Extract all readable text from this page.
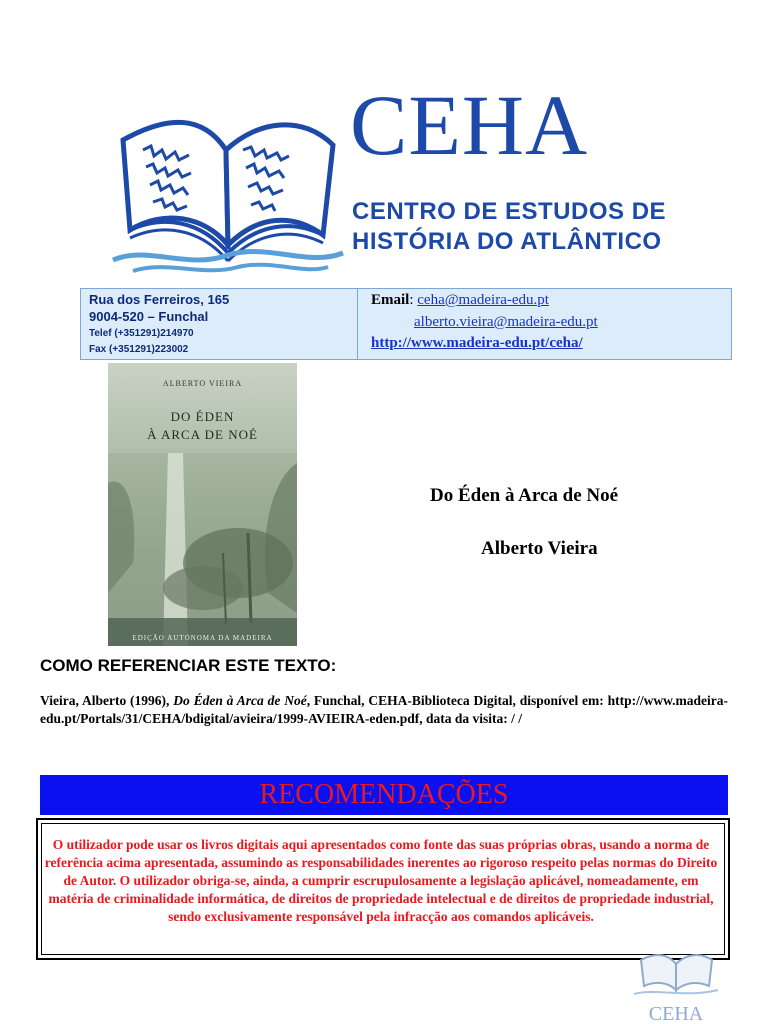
CEHA
CENTRO DE ESTUDOS DE
HISTÓRIA DO ATLÂNTICO
Rua dos Ferreiros, 165
9004-520 – Funchal
Telef (+351291)214970
Fax (+351291)223002
Email: ceha@madeira-edu.pt
alberto.vieira@madeira-edu.pt
http://www.madeira-edu.pt/ceha/
ALBERTO VIEIRA
DO ÉDEN
À ARCA DE NOÉ
EDIÇÃO AUTÓNOMA DA MADEIRA
Do Éden à Arca de Noé
Alberto Vieira
COMO REFERENCIAR ESTE TEXTO:
Vieira, Alberto (1996), Do Éden à Arca de Noé, Funchal, CEHA-Biblioteca Digital, disponível em: http://www.madeira-edu.pt/Portals/31/CEHA/bdigital/avieira/1999-AVIEIRA-eden.pdf, data da visita: / /
RECOMENDAÇÕES
O utilizador pode usar os livros digitais aqui apresentados como fonte das suas próprias obras, usando a norma de referência acima apresentada, assumindo as responsabilidades inerentes ao rigoroso respeito pelas normas do Direito de Autor. O utilizador obriga-se, ainda, a cumprir escrupulosamente a legislação aplicável, nomeadamente, em matéria de criminalidade informática, de direitos de propriedade intelectual e de direitos de propriedade industrial, sendo exclusivamente responsável pela infracção aos comandos aplicáveis.
CEHA
